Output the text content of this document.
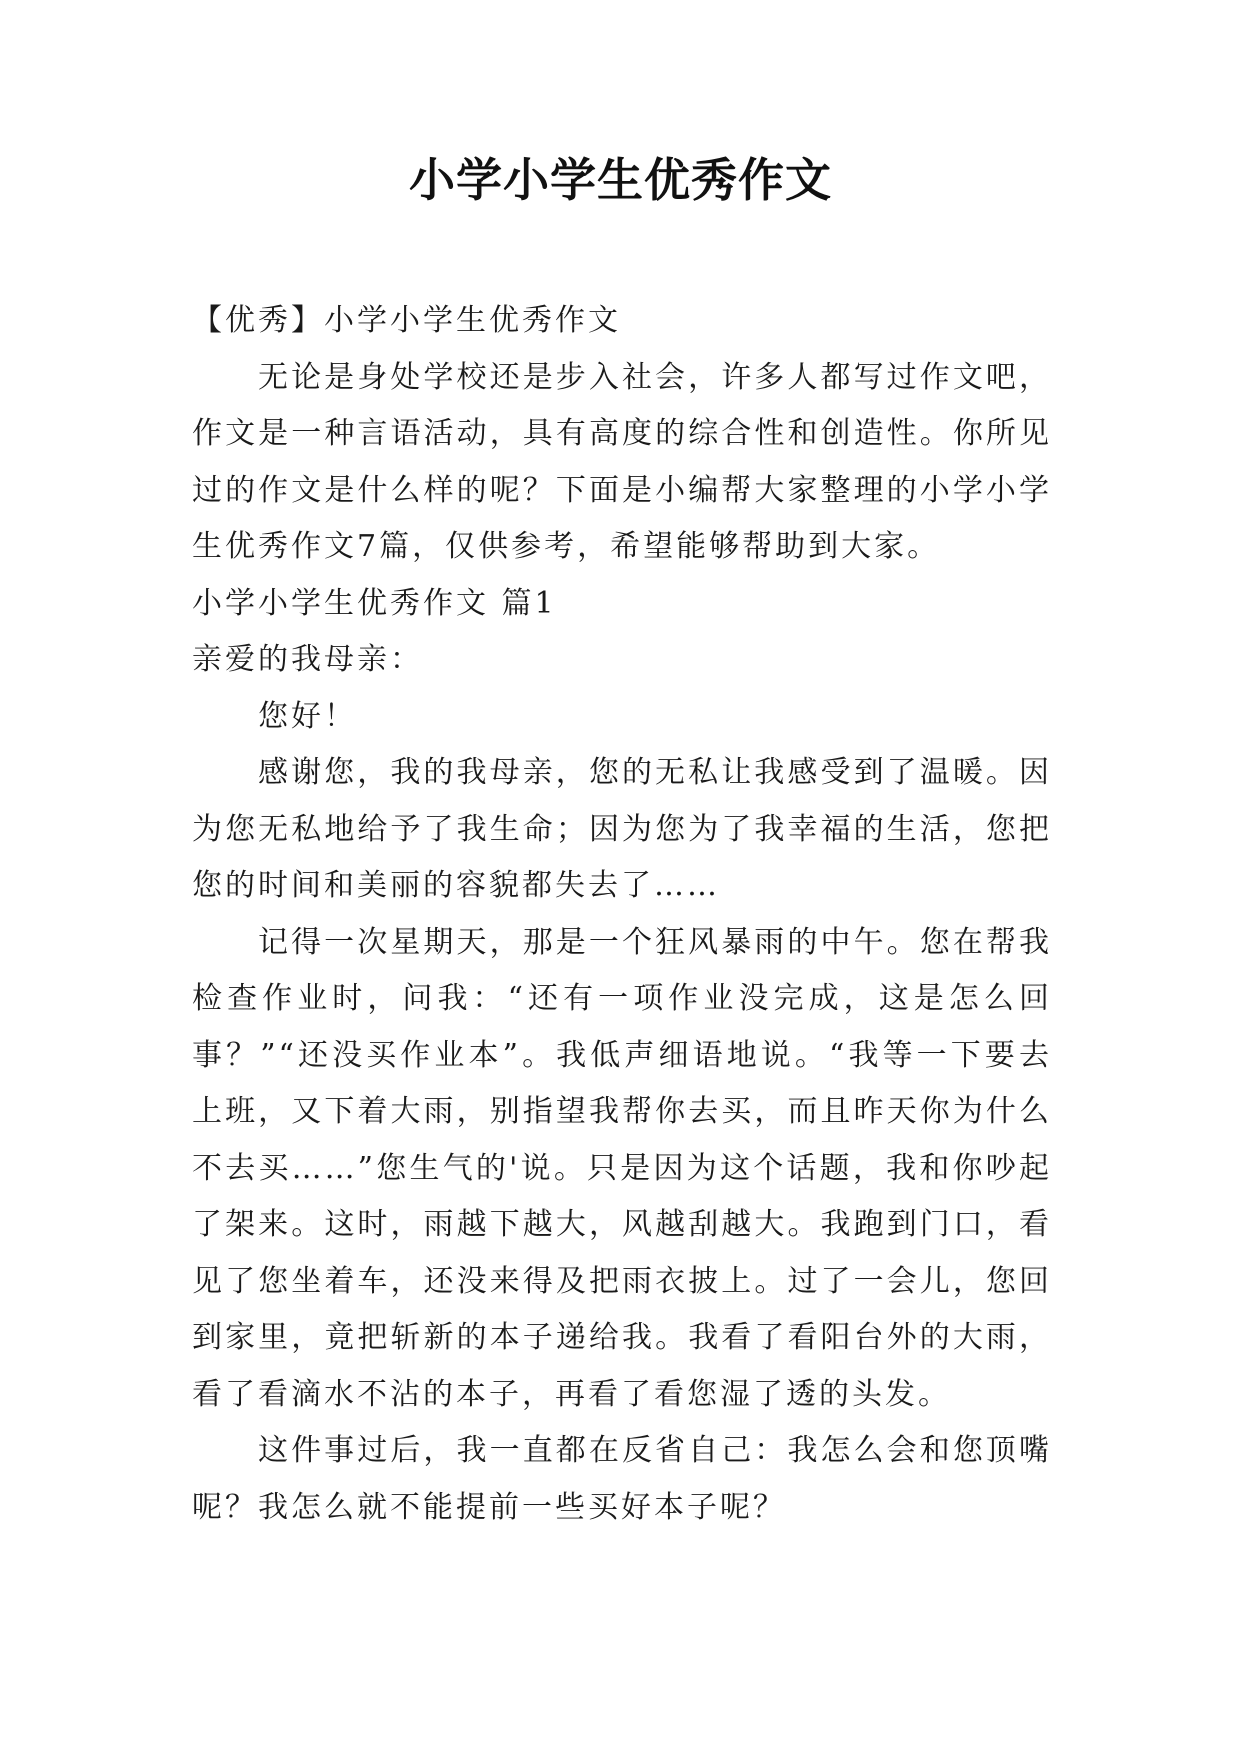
小学小学生优秀作文

【优秀】小学小学生优秀作文

无论是身处学校还是步入社会，许多人都写过作文吧，作文是一种言语活动，具有高度的综合性和创造性。你所见过的作文是什么样的呢？下面是小编帮大家整理的小学小学生优秀作文7篇，仅供参考，希望能够帮助到大家。

小学小学生优秀作文 篇1

亲爱的我母亲：

您好！

感谢您，我的我母亲，您的无私让我感受到了温暖。因为您无私地给予了我生命；因为您为了我幸福的生活，您把您的时间和美丽的容貌都失去了……

记得一次星期天，那是一个狂风暴雨的中午。您在帮我检查作业时，问我：“还有一项作业没完成，这是怎么回事？”“还没买作业本”。我低声细语地说。“我等一下要去上班，又下着大雨，别指望我帮你去买，而且昨天你为什么不去买……”您生气的'说。只是因为这个话题，我和你吵起了架来。这时，雨越下越大，风越刮越大。我跑到门口，看见了您坐着车，还没来得及把雨衣披上。过了一会儿，您回到家里，竟把斩新的本子递给我。我看了看阳台外的大雨，看了看滴水不沾的本子，再看了看您湿了透的头发。

这件事过后，我一直都在反省自己：我怎么会和您顶嘴呢？我怎么就不能提前一些买好本子呢？
